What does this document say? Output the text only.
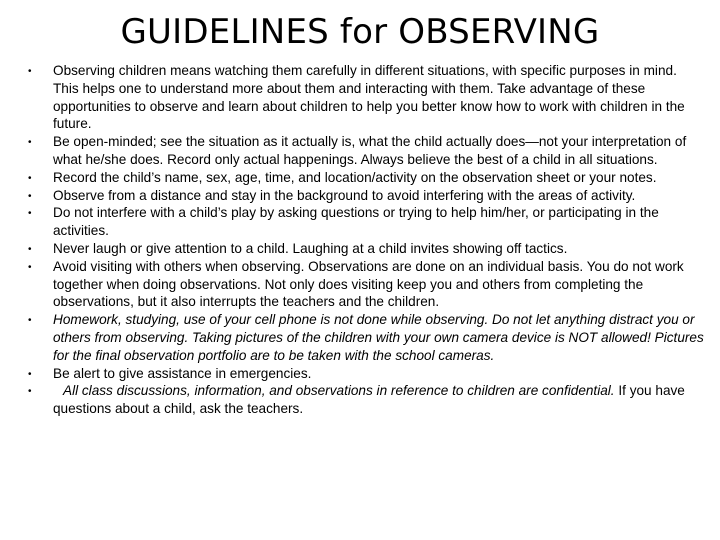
GUIDELINES for OBSERVING
• Observing children means watching them carefully in different situations, with specific purposes in mind. This helps one to understand more about them and interacting with them. Take advantage of these opportunities to observe and learn about children to help you better know how to work with children in the future.
• Be open-minded; see the situation as it actually is, what the child actually does—not your interpretation of what he/she does. Record only actual happenings. Always believe the best of a child in all situations.
• Record the child’s name, sex, age, time, and location/activity on the observation sheet or your notes.
• Observe from a distance and stay in the background to avoid interfering with the areas of activity.
• Do not interfere with a child’s play by asking questions or trying to help him/her, or participating in the activities.
• Never laugh or give attention to a child. Laughing at a child invites showing off tactics.
• Avoid visiting with others when observing. Observations are done on an individual basis. You do not work together when doing observations. Not only does visiting keep you and others from completing the observations, but it also interrupts the teachers and the children.
• Homework, studying, use of your cell phone is not done while observing. Do not let anything distract you or others from observing. Taking pictures of the children with your own camera device is NOT allowed! Pictures for the final observation portfolio are to be taken with the school cameras.
• Be alert to give assistance in emergencies.
•	All class discussions, information, and observations in reference to children are confidential. If you have questions about a child, ask the teachers.
